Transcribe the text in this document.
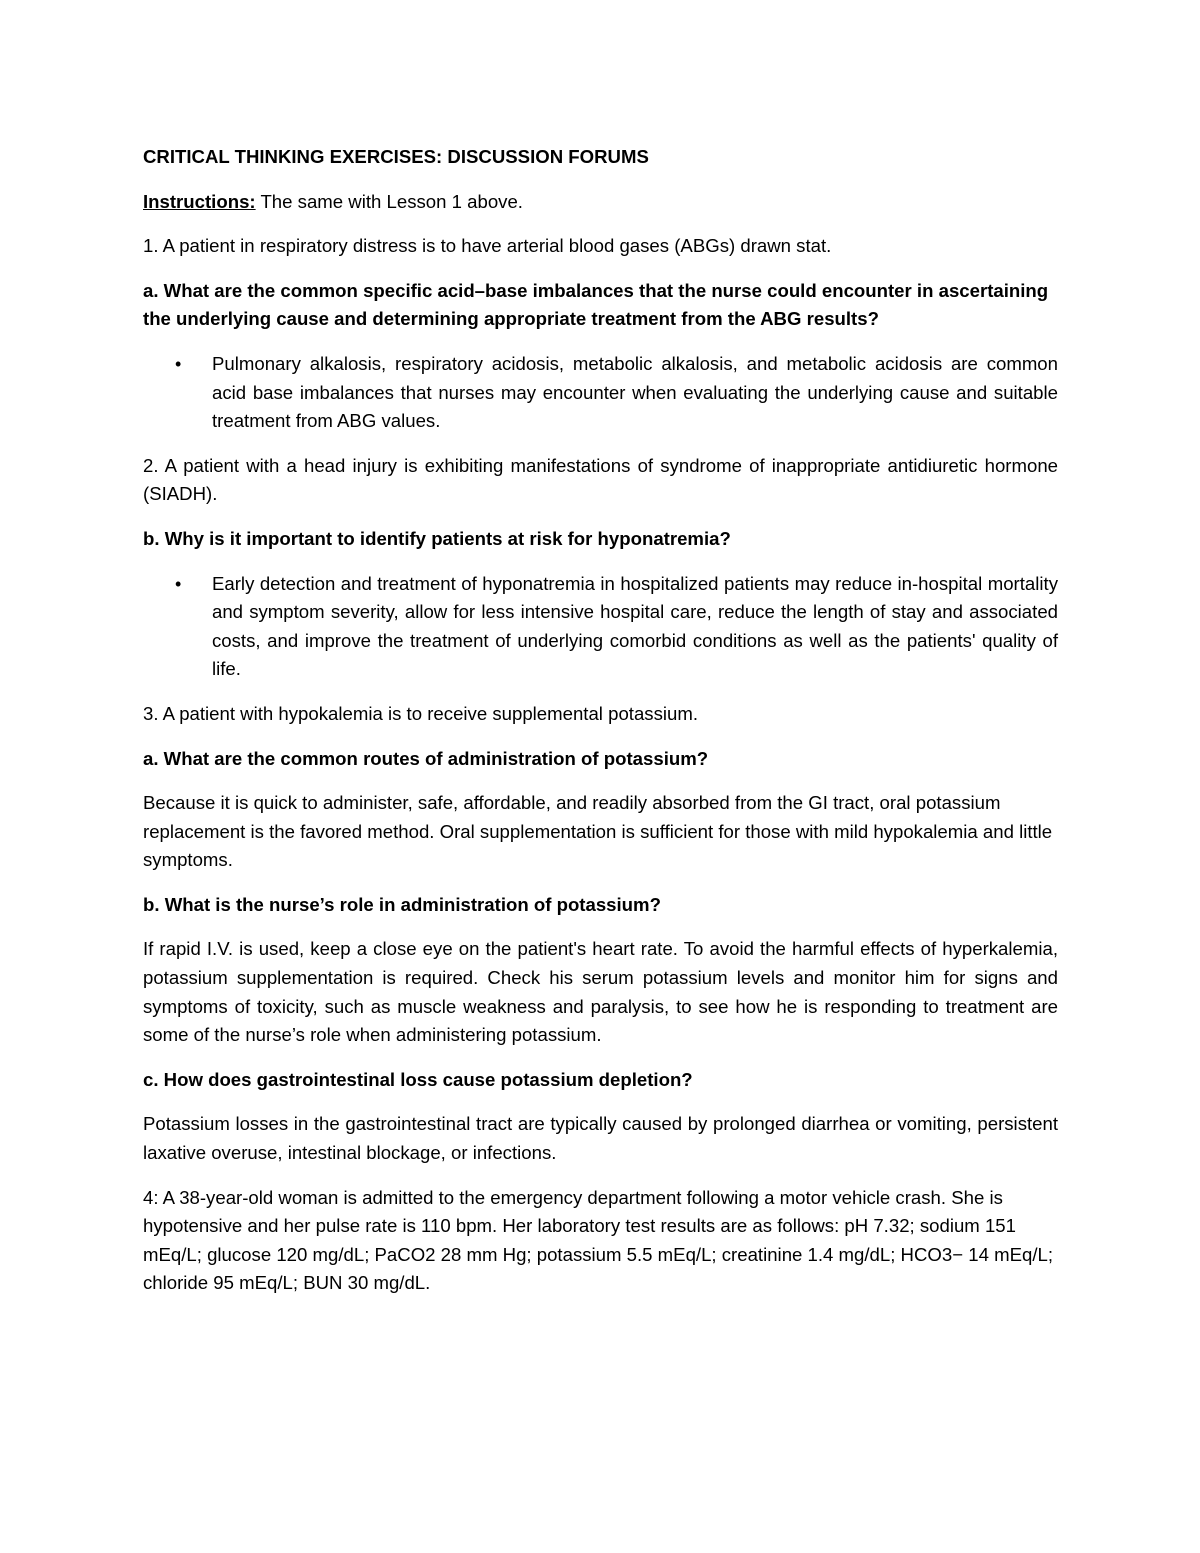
CRITICAL THINKING EXERCISES: DISCUSSION FORUMS

Instructions: The same with Lesson 1 above.

1. A patient in respiratory distress is to have arterial blood gases (ABGs) drawn stat.

a. What are the common specific acid–base imbalances that the nurse could encounter in ascertaining the underlying cause and determining appropriate treatment from the ABG results?

• Pulmonary alkalosis, respiratory acidosis, metabolic alkalosis, and metabolic acidosis are common acid base imbalances that nurses may encounter when evaluating the underlying cause and suitable treatment from ABG values.

2. A patient with a head injury is exhibiting manifestations of syndrome of inappropriate antidiuretic hormone (SIADH).

b. Why is it important to identify patients at risk for hyponatremia?

• Early detection and treatment of hyponatremia in hospitalized patients may reduce in-hospital mortality and symptom severity, allow for less intensive hospital care, reduce the length of stay and associated costs, and improve the treatment of underlying comorbid conditions as well as the patients' quality of life.

3. A patient with hypokalemia is to receive supplemental potassium.

a. What are the common routes of administration of potassium?

Because it is quick to administer, safe, affordable, and readily absorbed from the GI tract, oral potassium replacement is the favored method. Oral supplementation is sufficient for those with mild hypokalemia and little symptoms.

b. What is the nurse’s role in administration of potassium?

If rapid I.V. is used, keep a close eye on the patient's heart rate. To avoid the harmful effects of hyperkalemia, potassium supplementation is required. Check his serum potassium levels and monitor him for signs and symptoms of toxicity, such as muscle weakness and paralysis, to see how he is responding to treatment are some of the nurse’s role when administering potassium.

c. How does gastrointestinal loss cause potassium depletion?

Potassium losses in the gastrointestinal tract are typically caused by prolonged diarrhea or vomiting, persistent laxative overuse, intestinal blockage, or infections.

4: A 38-year-old woman is admitted to the emergency department following a motor vehicle crash. She is hypotensive and her pulse rate is 110 bpm. Her laboratory test results are as follows: pH 7.32; sodium 151 mEq/L; glucose 120 mg/dL; PaCO2 28 mm Hg; potassium 5.5 mEq/L; creatinine 1.4 mg/dL; HCO3− 14 mEq/L; chloride 95 mEq/L; BUN 30 mg/dL.
